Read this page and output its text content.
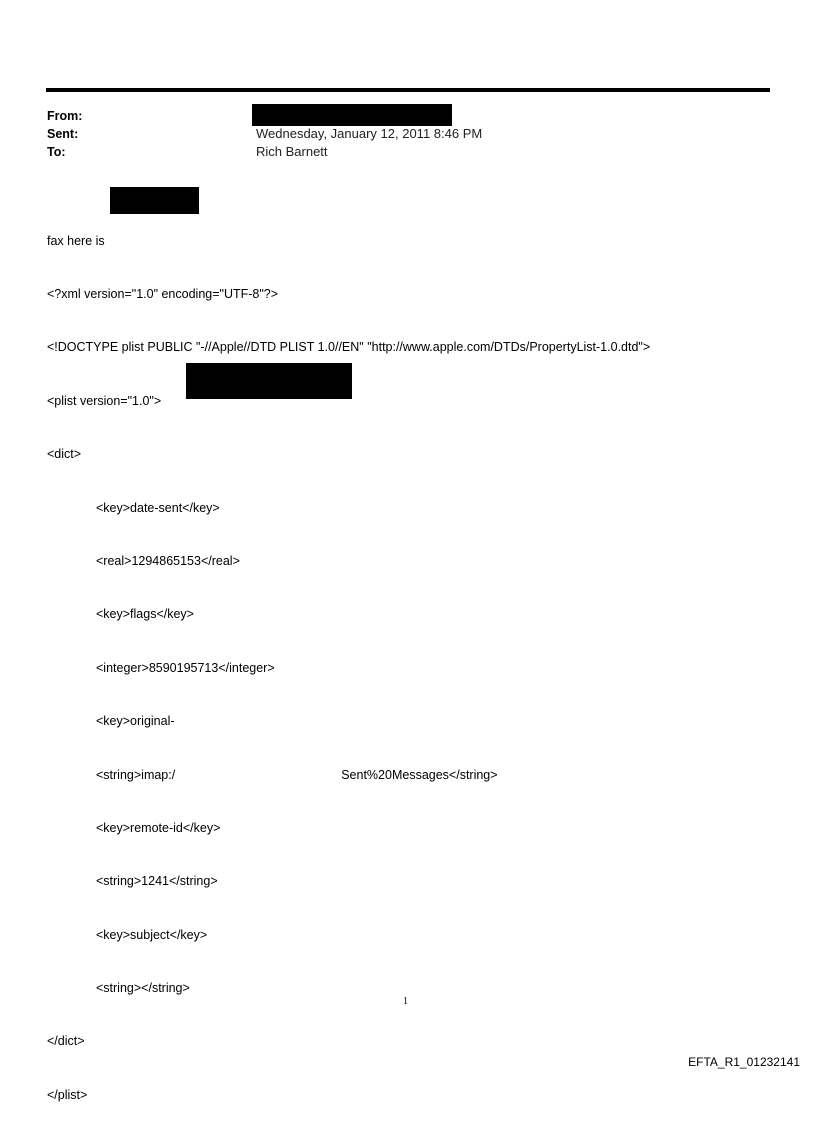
From:
Sent:
To:
Wednesday, January 12, 2011 8:46 PM
Rich Barnett

fax here is

<?xml version="1.0" encoding="UTF-8"?>

<!DOCTYPE plist PUBLIC "-//Apple//DTD PLIST 1.0//EN" "http://www.apple.com/DTDs/PropertyList-1.0.dtd">

<plist version="1.0">

<dict>

<key>date-sent</key>

<real>1294865153</real>

<key>flags</key>

<integer>8590195713</integer>

<key>original-

<string>imap:/	Sent%20Messages</string>

<key>remote-id</key>

<string>1241</string>

<key>subject</key>

<string></string>

</dict>

</plist>

1
EFTA_R1_01232141
